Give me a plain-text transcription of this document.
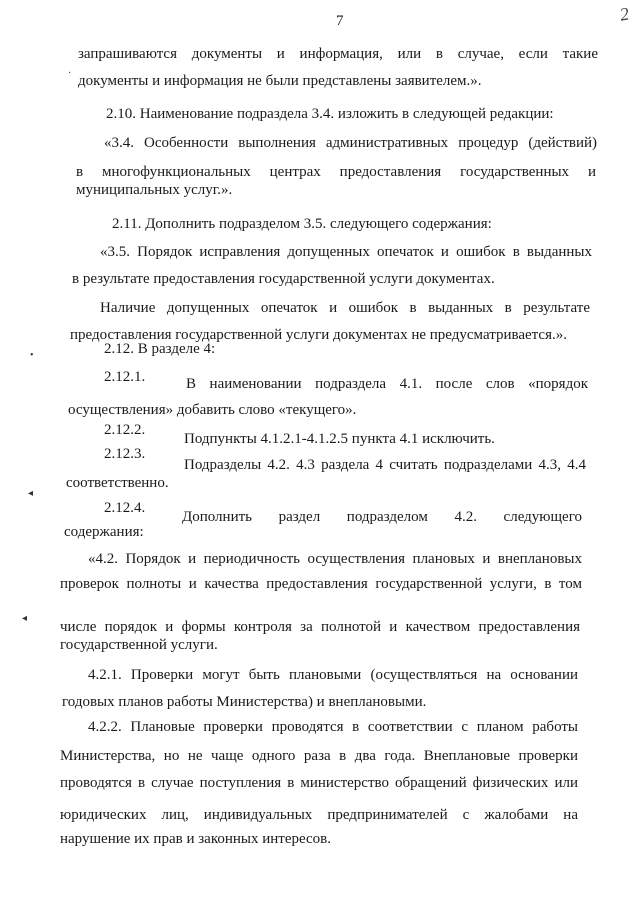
7	2
•
◂
◂
·
запрашиваются документы и информация, или в случае, если такие
документы и информация не были представлены заявителем.».
2.10. Наименование подраздела 3.4. изложить в следующей редакции:
«3.4. Особенности выполнения административных процедур (действий)
в многофункциональных центрах предоставления государственных и
муниципальных услуг.».
2.11. Дополнить подразделом 3.5. следующего содержания:
«3.5. Порядок исправления допущенных опечаток и ошибок в выданных
в результате предоставления государственной услуги документах.
Наличие допущенных опечаток и ошибок в выданных в результате
предоставления государственной услуги документах не предусматривается.».
2.12. В разделе 4:
2.12.1.	В наименовании подраздела 4.1. после слов «порядок
осуществления» добавить слово «текущего».
2.12.2.
Подпункты 4.1.2.1-4.1.2.5 пункта 4.1 исключить.
2.12.3.
Подразделы 4.2. 4.3 раздела 4 считать подразделами 4.3, 4.4
соответственно.
2.12.4.
Дополнить раздел подразделом 4.2. следующего
содержания:
«4.2. Порядок и периодичность осуществления плановых и внеплановых
проверок полноты и качества предоставления государственной услуги, в том
числе порядок и формы контроля за полнотой и качеством предоставления
государственной услуги.
4.2.1. Проверки могут быть плановыми (осуществляться на основании
годовых планов работы Министерства) и внеплановыми.
4.2.2. Плановые проверки проводятся в соответствии с планом работы
Министерства, но не чаще одного раза в два года. Внеплановые проверки
проводятся в случае поступления в министерство обращений физических или
юридических лиц, индивидуальных предпринимателей с жалобами на
нарушение их прав и законных интересов.
